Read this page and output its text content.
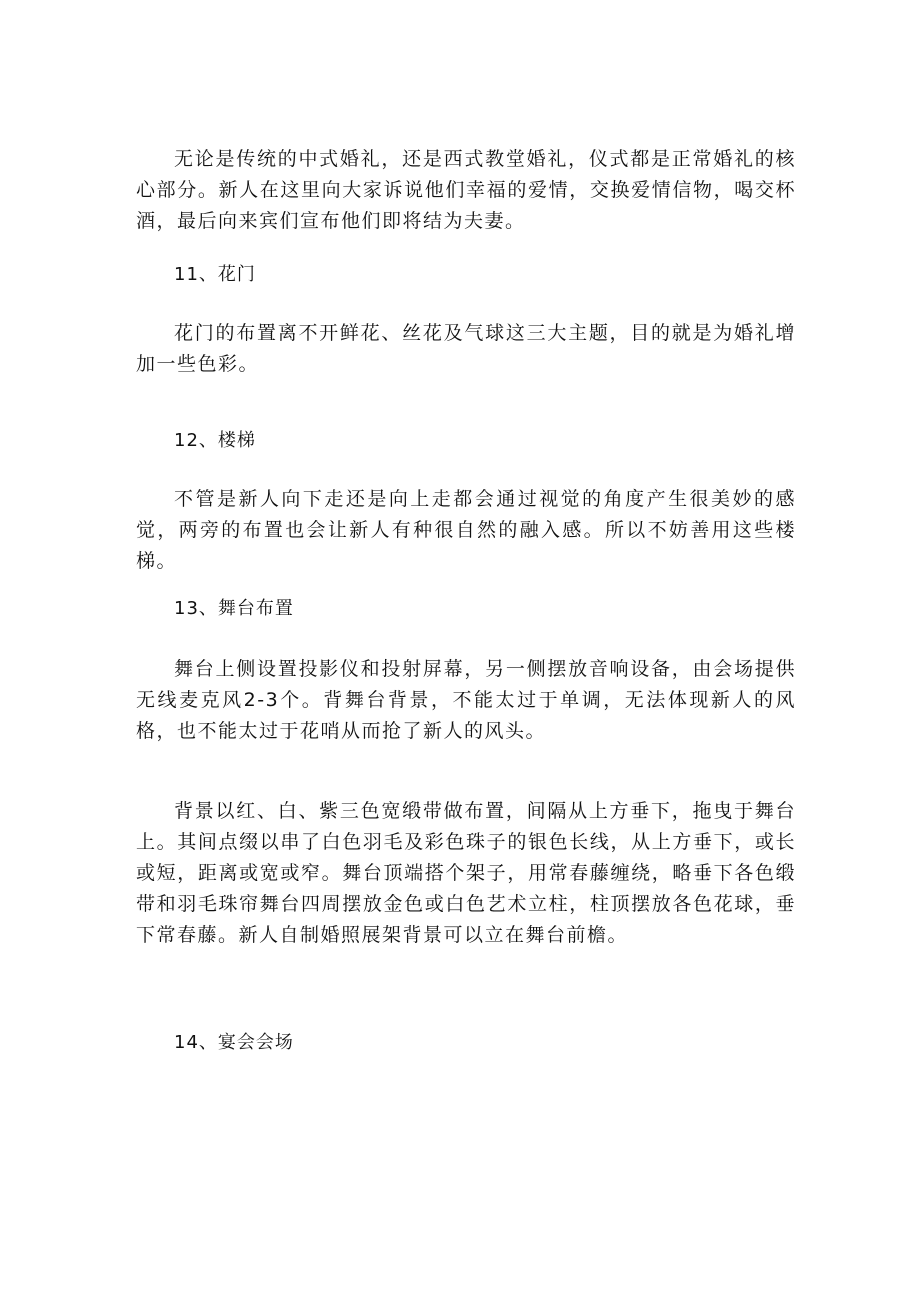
无论是传统的中式婚礼，还是西式教堂婚礼，仪式都是正常婚礼的核心部分。新人在这里向大家诉说他们幸福的爱情，交换爱情信物，喝交杯酒，最后向来宾们宣布他们即将结为夫妻。

11、花门

花门的布置离不开鲜花、丝花及气球这三大主题，目的就是为婚礼增加一些色彩。

12、楼梯

不管是新人向下走还是向上走都会通过视觉的角度产生很美妙的感觉，两旁的布置也会让新人有种很自然的融入感。所以不妨善用这些楼梯。

13、舞台布置

舞台上侧设置投影仪和投射屏幕，另一侧摆放音响设备，由会场提供无线麦克风2-3个。背舞台背景，不能太过于单调，无法体现新人的风格，也不能太过于花哨从而抢了新人的风头。

背景以红、白、紫三色宽缎带做布置，间隔从上方垂下，拖曳于舞台上。其间点缀以串了白色羽毛及彩色珠子的银色长线，从上方垂下，或长或短，距离或宽或窄。舞台顶端搭个架子，用常春藤缠绕，略垂下各色缎带和羽毛珠帘舞台四周摆放金色或白色艺术立柱，柱顶摆放各色花球，垂下常春藤。新人自制婚照展架背景可以立在舞台前檐。

14、宴会会场
